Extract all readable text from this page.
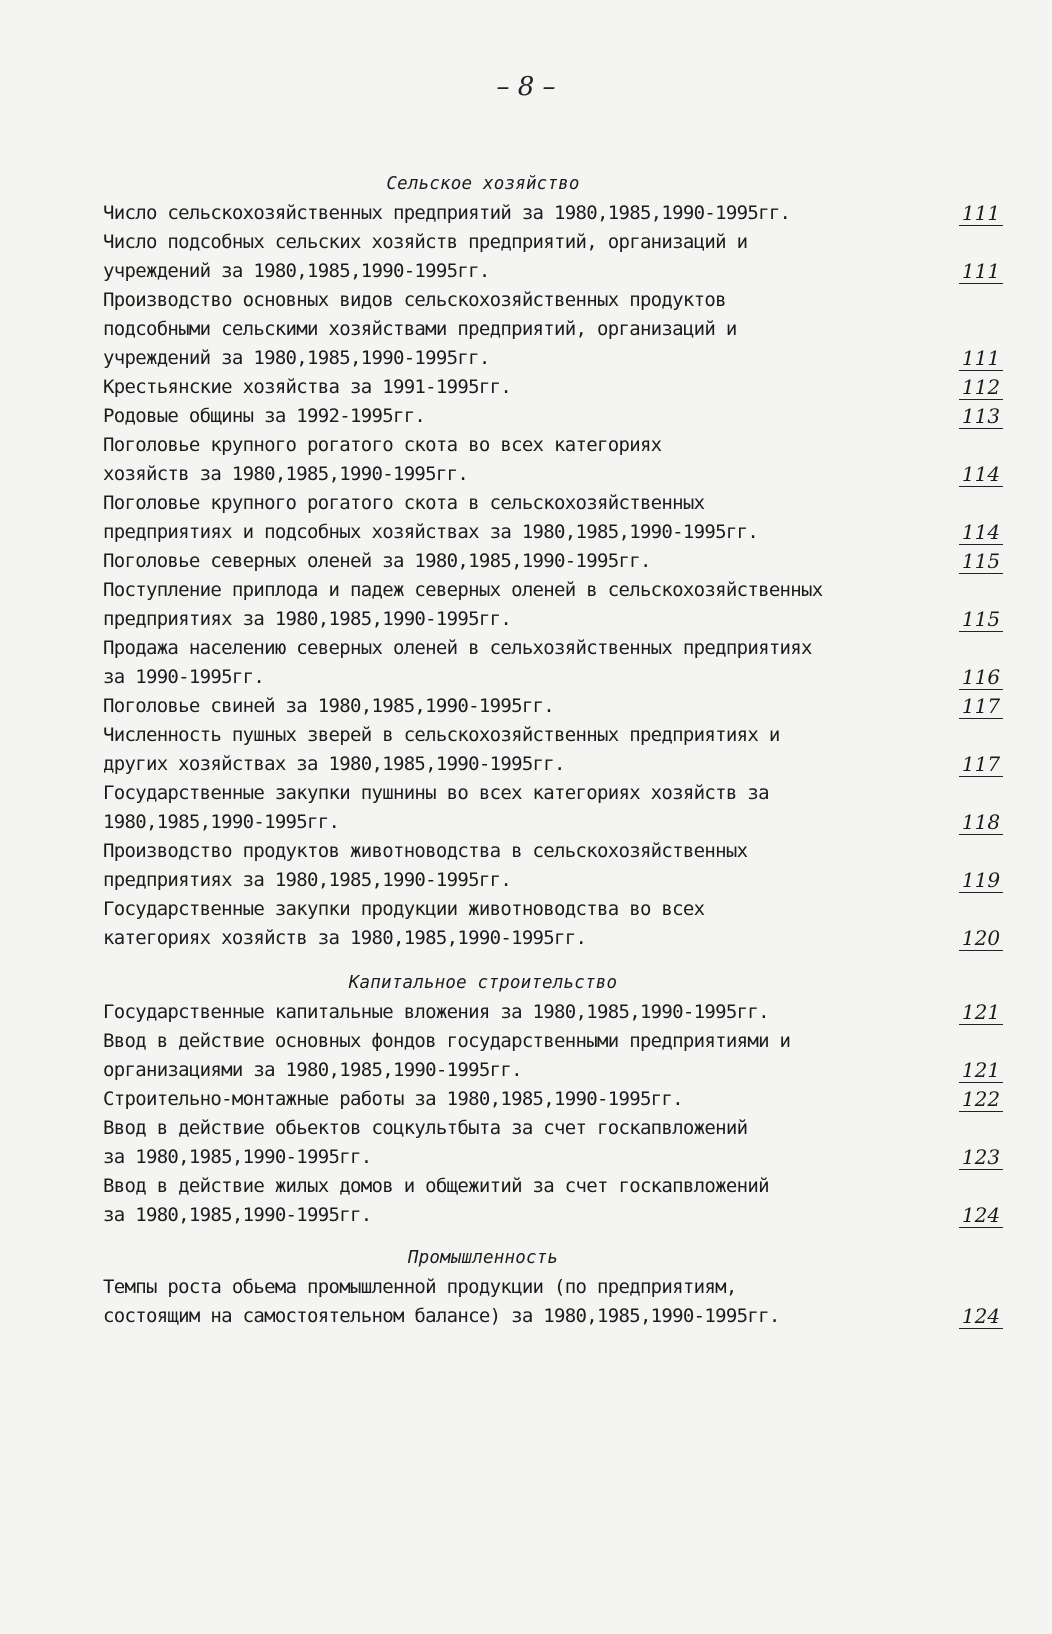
– 8 –
Сельское хозяйство
Число сельскохозяйственных предприятий за 1980,1985,1990-1995гг.	111
Число подсобных сельских хозяйств предприятий, организаций и
учреждений за 1980,1985,1990-1995гг.	111
Производство основных видов сельскохозяйственных продуктов
подсобными сельскими хозяйствами предприятий, организаций и
учреждений за 1980,1985,1990-1995гг.	111
Крестьянские хозяйства за 1991-1995гг.	112
Родовые общины за 1992-1995гг.	113
Поголовье крупного рогатого скота во всех категориях
хозяйств за 1980,1985,1990-1995гг.	114
Поголовье крупного рогатого скота в сельскохозяйственных
предприятиях и подсобных хозяйствах за 1980,1985,1990-1995гг.	114
Поголовье северных оленей за 1980,1985,1990-1995гг.	115
Поступление приплода и падеж северных оленей в сельскохозяйственных
предприятиях за 1980,1985,1990-1995гг.	115
Продажа населению северных оленей в сельхозяйственных предприятиях
за 1990-1995гг.	116
Поголовье свиней за 1980,1985,1990-1995гг.	117
Численность пушных зверей в сельскохозяйственных предприятиях и
других хозяйствах за 1980,1985,1990-1995гг.	117
Государственные закупки пушнины во всех категориях хозяйств за
1980,1985,1990-1995гг.	118
Производство продуктов животноводства в сельскохозяйственных
предприятиях за 1980,1985,1990-1995гг.	119
Государственные закупки продукции животноводства во всех
категориях хозяйств за 1980,1985,1990-1995гг.	120
Капитальное строительство
Государственные капитальные вложения за 1980,1985,1990-1995гг.	121
Ввод в действие основных фондов государственными предприятиями и
организациями за 1980,1985,1990-1995гг.	121
Строительно-монтажные работы за 1980,1985,1990-1995гг.	122
Ввод в действие обьектов соцкультбыта за счет госкапвложений
за 1980,1985,1990-1995гг.	123
Ввод в действие жилых домов и общежитий за счет госкапвложений
за 1980,1985,1990-1995гг.	124
Промышленность
Темпы роста обьема промышленной продукции (по предприятиям,
состоящим на самостоятельном балансе) за 1980,1985,1990-1995гг.	124
